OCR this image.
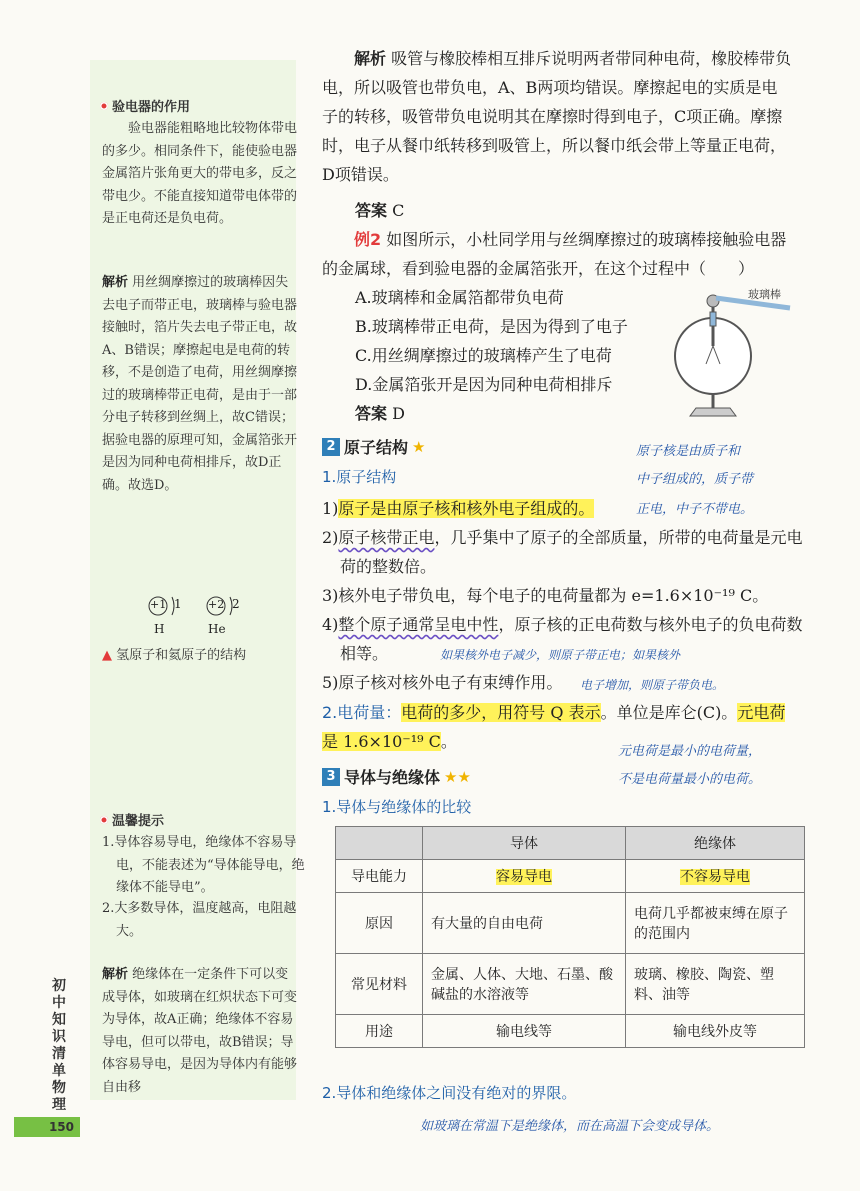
验电器的作用
验电器能粗略地比较物体带电的多少。相同条件下，能使验电器金属箔片张角更大的带电多，反之带电少。不能直接知道带电体带的是正电荷还是负电荷。
解析 用丝绸摩擦过的玻璃棒因失去电子而带正电，玻璃棒与验电器接触时，箔片失去电子带正电，故A、B错误；摩擦起电是电荷的转移，不是创造了电荷，用丝绸摩擦过的玻璃棒带正电荷，是由于一部分电子转移到丝绸上，故C错误；据验电器的原理可知，金属箔张开是因为同种电荷相排斥，故D正确。故选D。
+1 1
H
+2 2
He
▲ 氢原子和氦原子的结构
温馨提示
1.导体容易导电，绝缘体不容易导电，不能表述为“导体能导电，绝缘体不能导电”。
2.大多数导体，温度越高，电阻越大。
解析 绝缘体在一定条件下可以变成导体，如玻璃在红炽状态下可变为导体，故A正确；绝缘体不容易导电，但可以带电，故B错误；导体容易导电，是因为导体内有能够自由移
初中知识清单 物理
150
解析 吸管与橡胶棒相互排斥说明两者带同种电荷，橡胶棒带负电，所以吸管也带负电，A、B两项均错误。摩擦起电的实质是电子的转移，吸管带负电说明其在摩擦时得到电子，C项正确。摩擦时，电子从餐巾纸转移到吸管上，所以餐巾纸会带上等量正电荷，D项错误。
答案 C
例2 如图所示，小杜同学用与丝绸摩擦过的玻璃棒接触验电器的金属球，看到验电器的金属箔张开，在这个过程中（　　）
A.玻璃棒和金属箔都带负电荷
B.玻璃棒带正电荷，是因为得到了电子
C.用丝绸摩擦过的玻璃棒产生了电荷
D.金属箔张开是因为同种电荷相排斥
答案 D
玻璃棒
2 原子结构 ★
1.原子结构
1)原子是由原子核和核外电子组成的。
2)原子核带正电，几乎集中了原子的全部质量，所带的电荷量是元电荷的整数倍。
3)核外电子带负电，每个电子的电荷量都为 e=1.6×10⁻¹⁹ C。
4)整个原子通常呈电中性，原子核的正电荷数与核外电子的负电荷数相等。
5)原子核对核外电子有束缚作用。
2.电荷量：电荷的多少，用符号 Q 表示。单位是库仑(C)。元电荷是 1.6×10⁻¹⁹ C。
原子核是由质子和
中子组成的，质子带
正电，中子不带电。
如果核外电子减少，则原子带正电；如果核外
电子增加，则原子带负电。
元电荷是最小的电荷量，
不是电荷量最小的电荷。
3 导体与绝缘体 ★★
1.导体与绝缘体的比较
	导体	绝缘体
导电能力	容易导电	不容易导电
原因	有大量的自由电荷	电荷几乎都被束缚在原子的范围内
常见材料	金属、人体、大地、石墨、酸碱盐的水溶液等	玻璃、橡胶、陶瓷、塑料、油等
用途	输电线等	输电线外皮等
2.导体和绝缘体之间没有绝对的界限。
如玻璃在常温下是绝缘体，而在高温下会变成导体。
